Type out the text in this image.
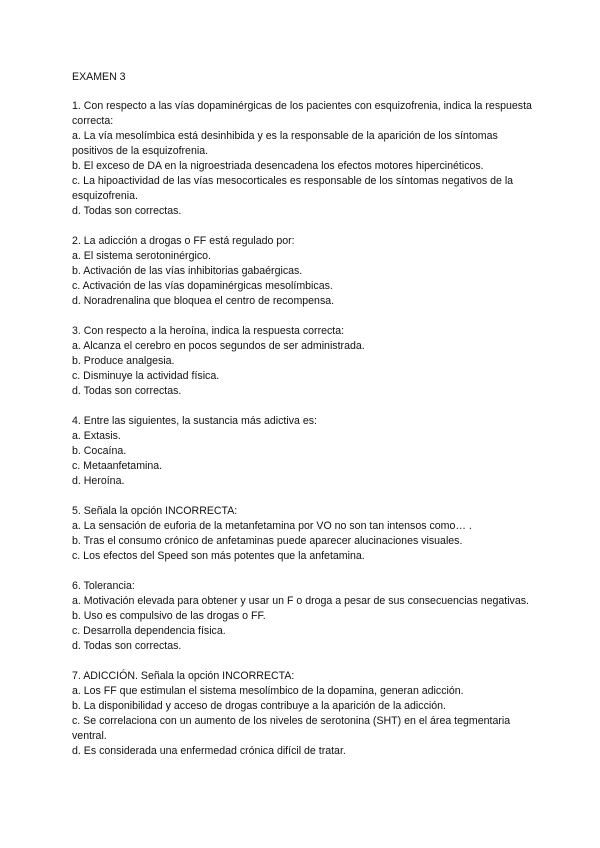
EXAMEN 3
1. Con respecto a las vías dopaminérgicas de los pacientes con esquizofrenia, indica la respuesta
correcta:
a. La vía mesolímbica está desinhibida y es la responsable de la aparición de los síntomas positivos de la esquizofrenia.
b. El exceso de DA en la nigroestriada desencadena los efectos motores hipercinéticos.
c. La hipoactividad de las vías mesocorticales es responsable de los síntomas negativos de la esquizofrenia.
d. Todas son correctas.
2. La adicción a drogas o FF está regulado por:
a. El sistema serotoninérgico.
b. Activación de las vías inhibitorias gabaérgicas.
c. Activación de las vías dopaminérgicas mesolímbicas.
d. Noradrenalina que bloquea el centro de recompensa.
3. Con respecto a la heroína, indica la respuesta correcta:
a. Alcanza el cerebro en pocos segundos de ser administrada.
b. Produce analgesia.
c. Disminuye la actividad física.
d. Todas son correctas.
4. Entre las siguientes, la sustancia más adictiva es:
a. Extasis.
b. Cocaína.
c. Metaanfetamina.
d. Heroína.
5. Señala la opción INCORRECTA:
a. La sensación de euforia de la metanfetamina por VO no son tan intensos como… .
b. Tras el consumo crónico de anfetaminas puede aparecer alucinaciones visuales.
c. Los efectos del Speed son más potentes que la anfetamina.
6. Tolerancia:
a. Motivación elevada para obtener y usar un F o droga a pesar de sus consecuencias negativas.
b. Uso es compulsivo de las drogas o FF.
c. Desarrolla dependencia física.
d. Todas son correctas.
7. ADICCIÓN. Señala la opción INCORRECTA:
a. Los FF que estimulan el sistema mesolímbico de la dopamina, generan adicción.
b. La disponibilidad y acceso de drogas contribuye a la aparición de la adicción.
c. Se correlaciona con un aumento de los niveles de serotonina (SHT) en el área tegmentaria ventral.
d. Es considerada una enfermedad crónica difícil de tratar.
